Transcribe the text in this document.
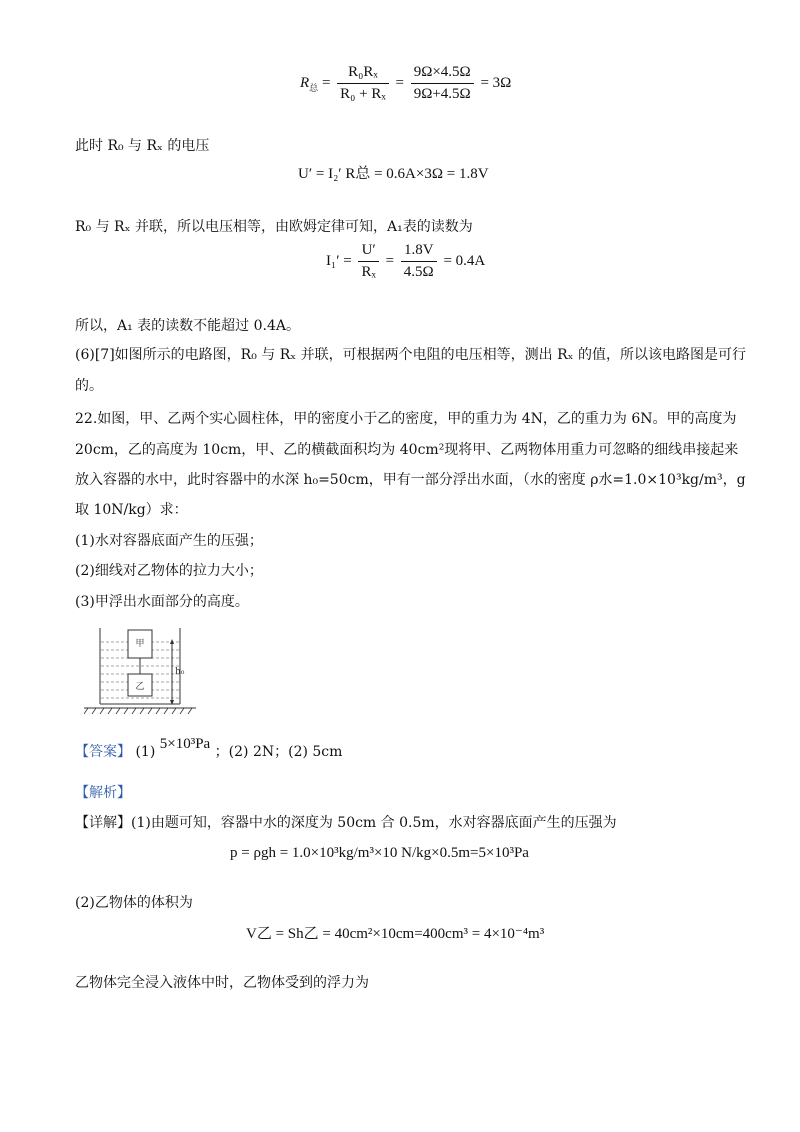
$R_总 = \frac{\text{R₀Rₓ}}{\text{R₀ + Rₓ}} = \frac{9\Omega\times 4.5\Omega}{9\Omega+4.5\Omega} = 3\Omega$
此时 R₀ 与 Rₓ 的电压
U′ = I₂′ R总 = 0.6A×3Ω = 1.8V
R₀ 与 Rₓ 并联，所以电压相等，由欧姆定律可知，A₁表的读数为
$I_1' = \frac{U'}{\text{Rₓ}} = \frac{1.8V}{4.5\Omega} = 0.4A$
所以，A₁ 表的读数不能超过 0.4A。
(6)[7]如图所示的电路图，R₀ 与 Rₓ 并联，可根据两个电阻的电压相等，测出 Rₓ 的值，所以该电路图是可行
的。
22.如图，甲、乙两个实心圆柱体，甲的密度小于乙的密度，甲的重力为 4N，乙的重力为 6N。甲的高度为
20cm，乙的高度为 10cm，甲、乙的横截面积均为 40cm²现将甲、乙两物体用重力可忽略的细线串接起来
放入容器的水中，此时容器中的水深 h₀=50cm，甲有一部分浮出水面，（水的密度 ρ水=1.0×10³kg/m³，g
取 10N/kg）求：
(1)水对容器底面产生的压强；
(2)细线对乙物体的拉力大小；
(3)甲浮出水面部分的高度。
甲
乙
h₀
【答案】 (1) 5×10³Pa ；(2) 2N；(2) 5cm
【解析】
【详解】(1)由题可知，容器中水的深度为 50cm 合 0.5m，水对容器底面产生的压强为
p = ρgh = 1.0×10³kg/m³×10 N/kg×0.5m=5×10³Pa
(2)乙物体的体积为
V乙 = Sh乙 = 40cm²×10cm=400cm³ = 4×10⁻⁴m³
乙物体完全浸入液体中时，乙物体受到的浮力为
